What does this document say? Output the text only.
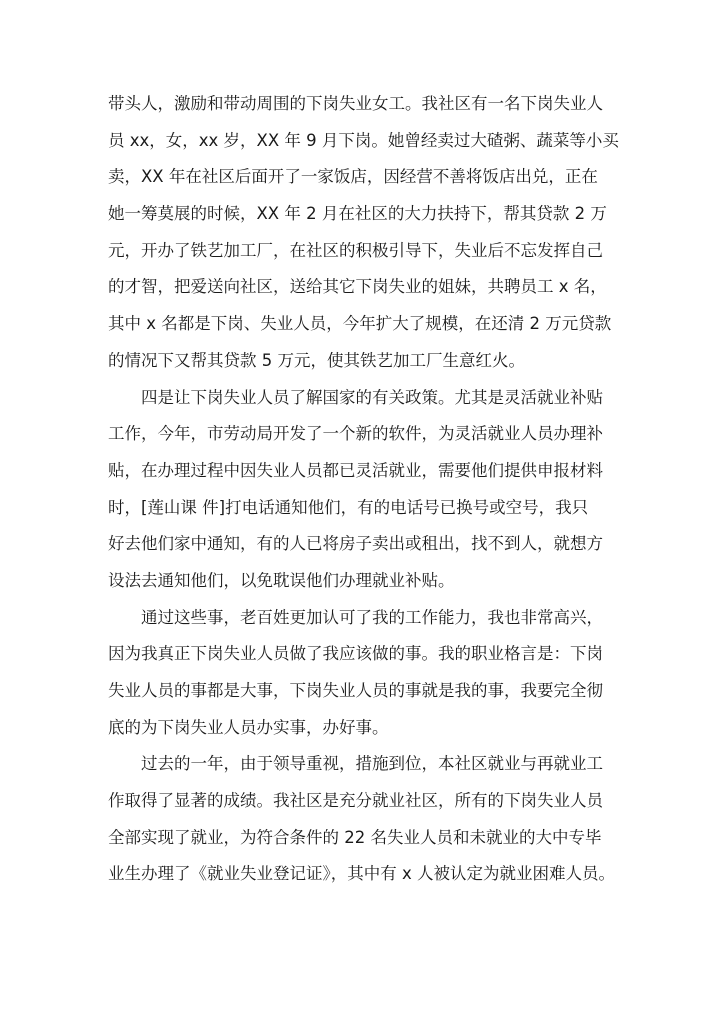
带头人，激励和带动周围的下岗失业女工。我社区有一名下岗失业人
员 xx，女，xx 岁，XX 年 9 月下岗。她曾经卖过大碴粥、蔬菜等小买
卖，XX 年在社区后面开了一家饭店，因经营不善将饭店出兑，正在
她一筹莫展的时候，XX 年 2 月在社区的大力扶持下，帮其贷款 2 万
元，开办了铁艺加工厂，在社区的积极引导下，失业后不忘发挥自己
的才智，把爱送向社区，送给其它下岗失业的姐妹，共聘员工 x 名，
其中 x 名都是下岗、失业人员，今年扩大了规模，在还清 2 万元贷款
的情况下又帮其贷款 5 万元，使其铁艺加工厂生意红火。
四是让下岗失业人员了解国家的有关政策。尤其是灵活就业补贴
工作，今年，市劳动局开发了一个新的软件，为灵活就业人员办理补
贴，在办理过程中因失业人员都已灵活就业，需要他们提供申报材料
时，[莲山课 件]打电话通知他们，有的电话号已换号或空号，我只
好去他们家中通知，有的人已将房子卖出或租出，找不到人，就想方
设法去通知他们，以免耽误他们办理就业补贴。
通过这些事，老百姓更加认可了我的工作能力，我也非常高兴，
因为我真正下岗失业人员做了我应该做的事。我的职业格言是：下岗
失业人员的事都是大事，下岗失业人员的事就是我的事，我要完全彻
底的为下岗失业人员办实事，办好事。
过去的一年，由于领导重视，措施到位，本社区就业与再就业工
作取得了显著的成绩。我社区是充分就业社区，所有的下岗失业人员
全部实现了就业，为符合条件的 22 名失业人员和未就业的大中专毕
业生办理了《就业失业登记证》，其中有 x 人被认定为就业困难人员。
